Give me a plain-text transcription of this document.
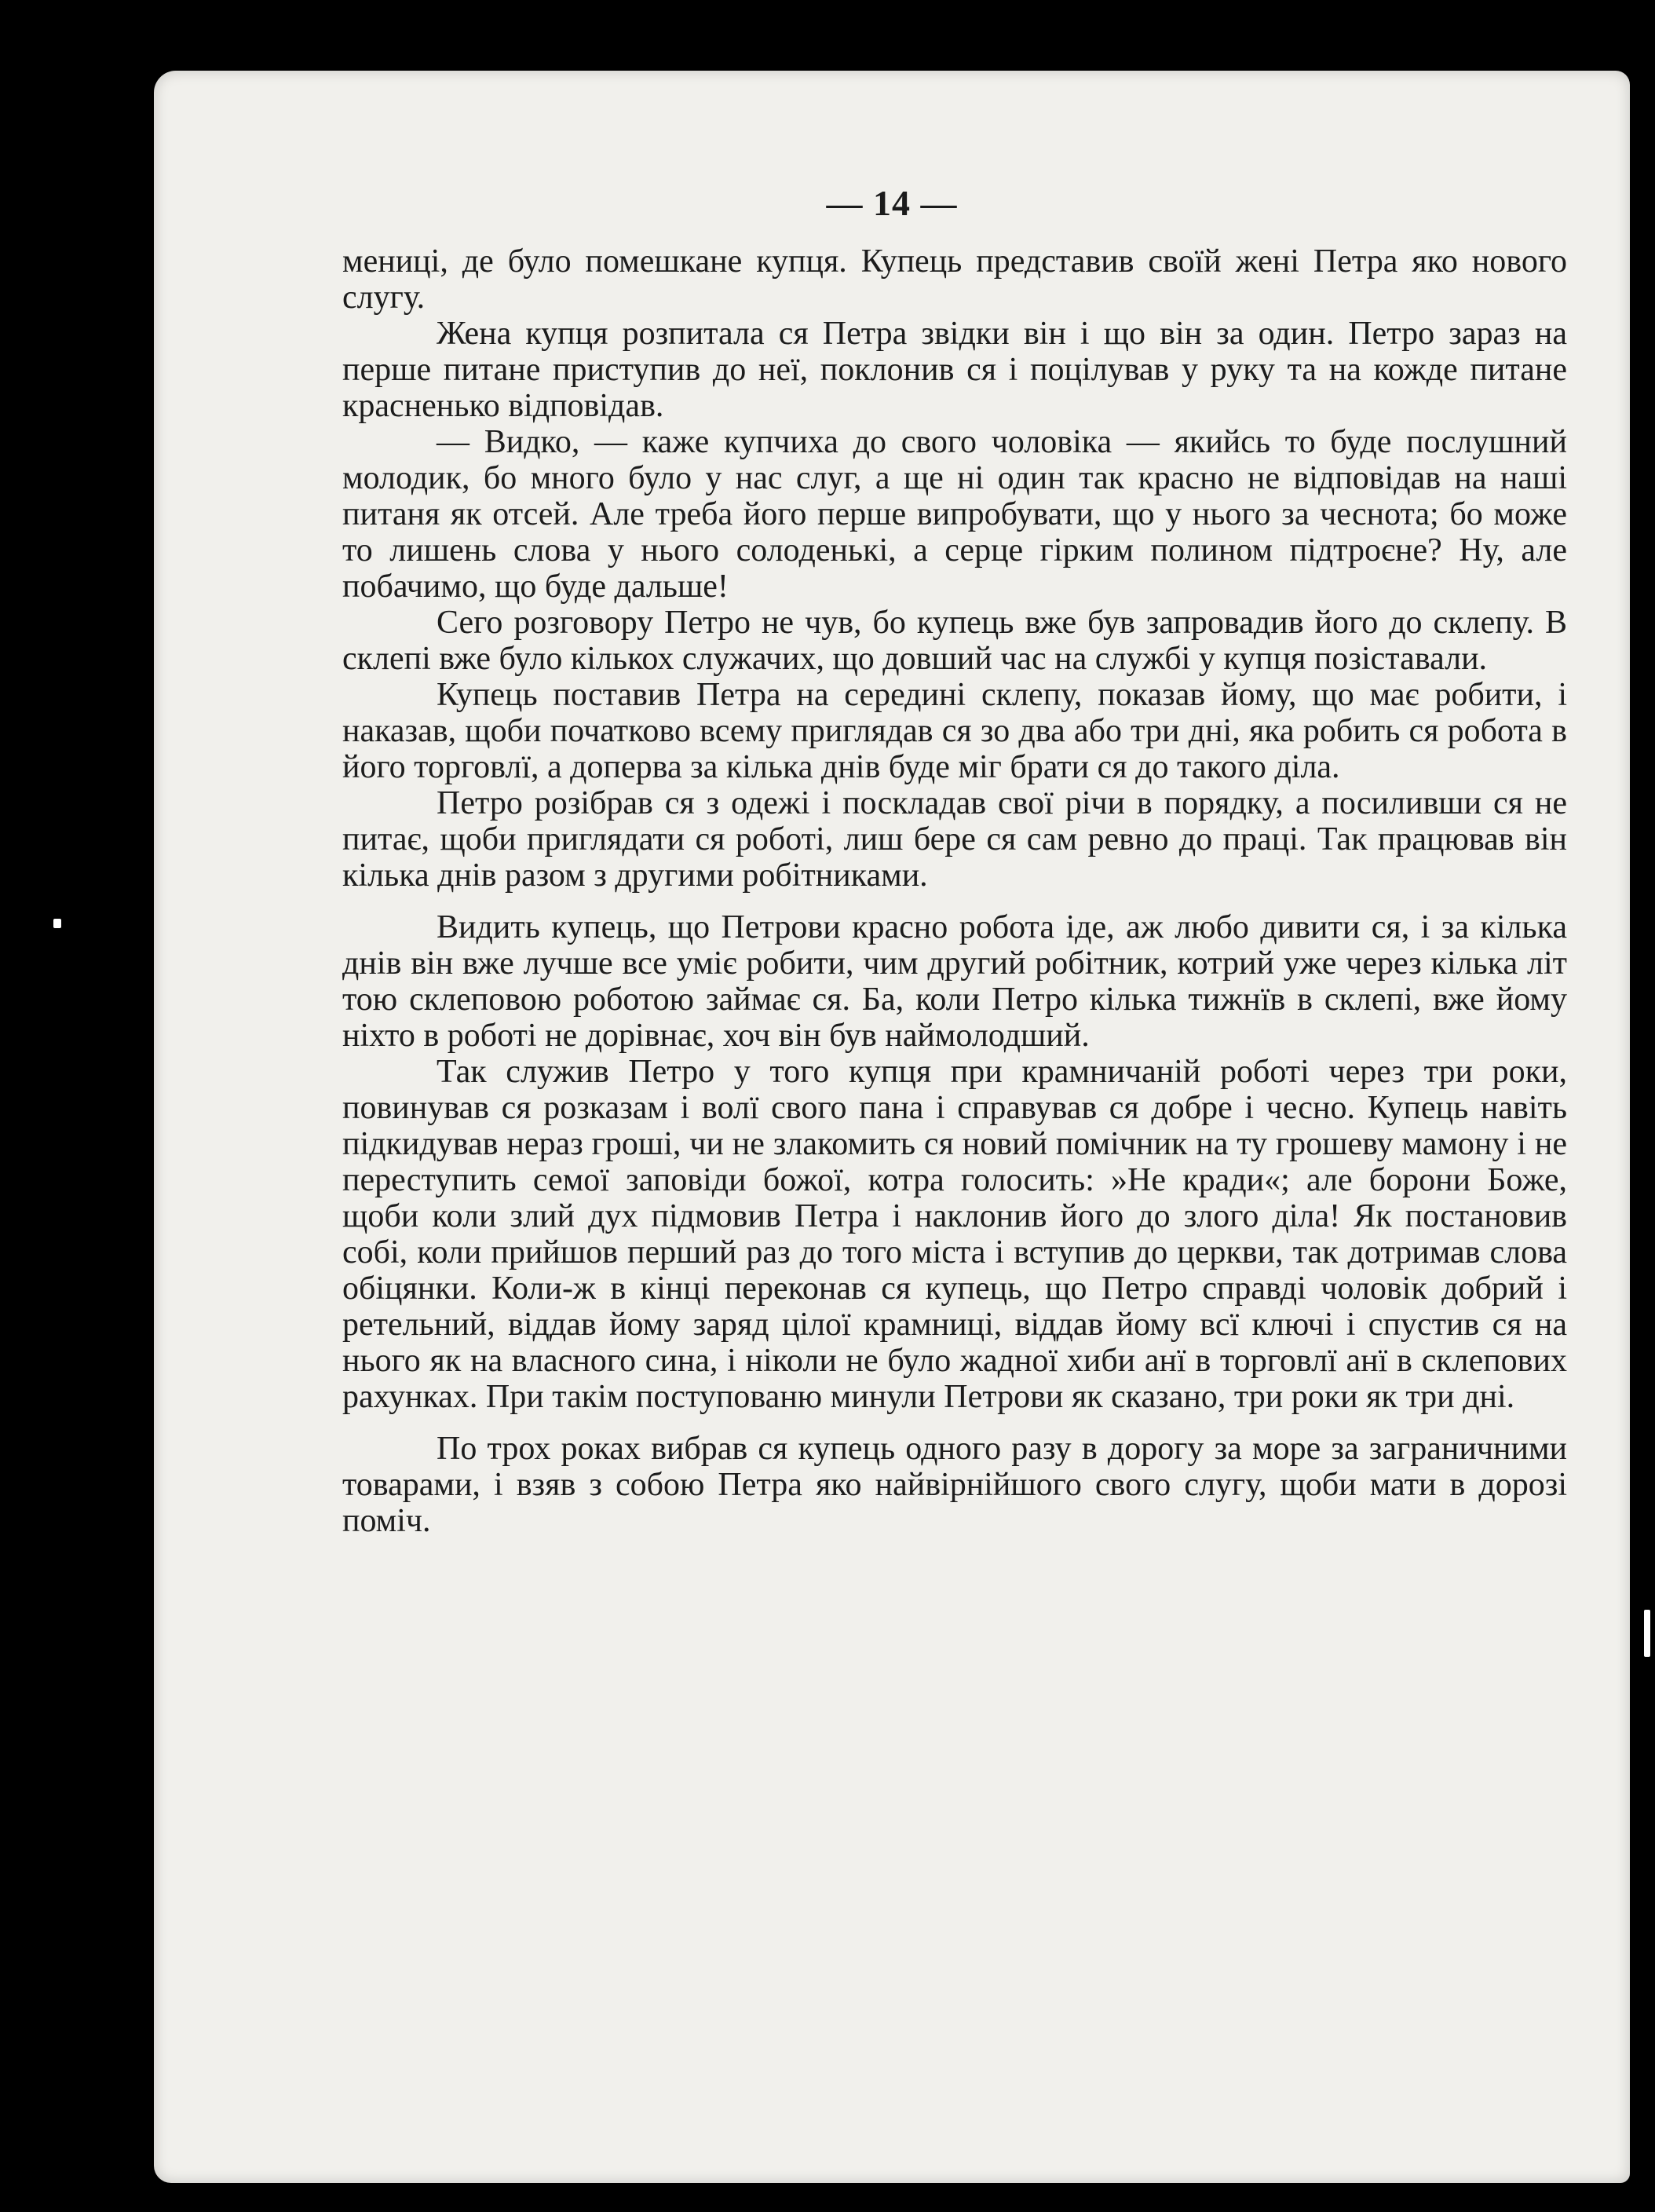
— 14 —

мениці, де було помешкане купця. Купець представив своїй жені Петра яко нового слугу.

Жена купця розпитала ся Петра звідки він і що він за один. Петро зараз на перше питане приступив до неї, поклонив ся і поцілував у руку та на кожде питане красненько відповідав.

— Видко, — каже купчиха до свого чоловіка — якийсь то буде послушний молодик, бо много було у нас слуг, а ще ні один так красно не відповідав на наші питаня як отсей. Але треба його перше випробувати, що у нього за чеснота; бо може то лишень слова у нього солоденькі, а серце гірким полином підтроєне? Ну, але побачимо, що буде дальше!

Сего розговору Петро не чув, бо купець вже був запровадив його до склепу. В склепі вже було кількох служачих, що довший час на службі у купця позіставали.

Купець поставив Петра на середині склепу, показав йому, що має робити, і наказав, щоби початково всему приглядав ся зо два або три дні, яка робить ся робота в його торговлї, а доперва за кілька днів буде міг брати ся до такого діла.

Петро розібрав ся з одежі і поскладав свої річи в порядку, а посиливши ся не питає, щоби приглядати ся роботі, лиш бере ся сам ревно до праці. Так працював він кілька днів разом з другими робітниками.

Видить купець, що Петрови красно робота іде, аж любо дивити ся, і за кілька днів він вже лучше все уміє робити, чим другий робітник, котрий уже через кілька літ тою склеповою роботою займає ся. Ба, коли Петро кілька тижнїв в склепі, вже йому ніхто в роботі не дорівнає, хоч він був наймолодший.

Так служив Петро у того купця при крамничаній роботі через три роки, повинував ся розказам і волї свого пана і справував ся добре і чесно. Купець навіть підкидував нераз гроші, чи не злакомить ся новий помічник на ту грошеву мамону і не переступить семої заповіди божої, котра голосить: »Не кради«; але борони Боже, щоби коли злий дух підмовив Петра і наклонив його до злого діла! Як постановив собі, коли прийшов перший раз до того міста і вступив до церкви, так дотримав слова обіцянки. Коли-ж в кінці переконав ся купець, що Петро справді чоловік добрий і ретельний, віддав йому заряд цілої крамниці, віддав йому всї ключі і спустив ся на нього як на власного сина, і ніколи не було жадної хиби анї в торговлї анї в склепових рахунках. При такім поступованю минули Петрови як сказано, три роки як три дні.

По трох роках вибрав ся купець одного разу в дорогу за море за заграничними товарами, і взяв з собою Петра яко найвірнійшого свого слугу, щоби мати в дорозі поміч.
